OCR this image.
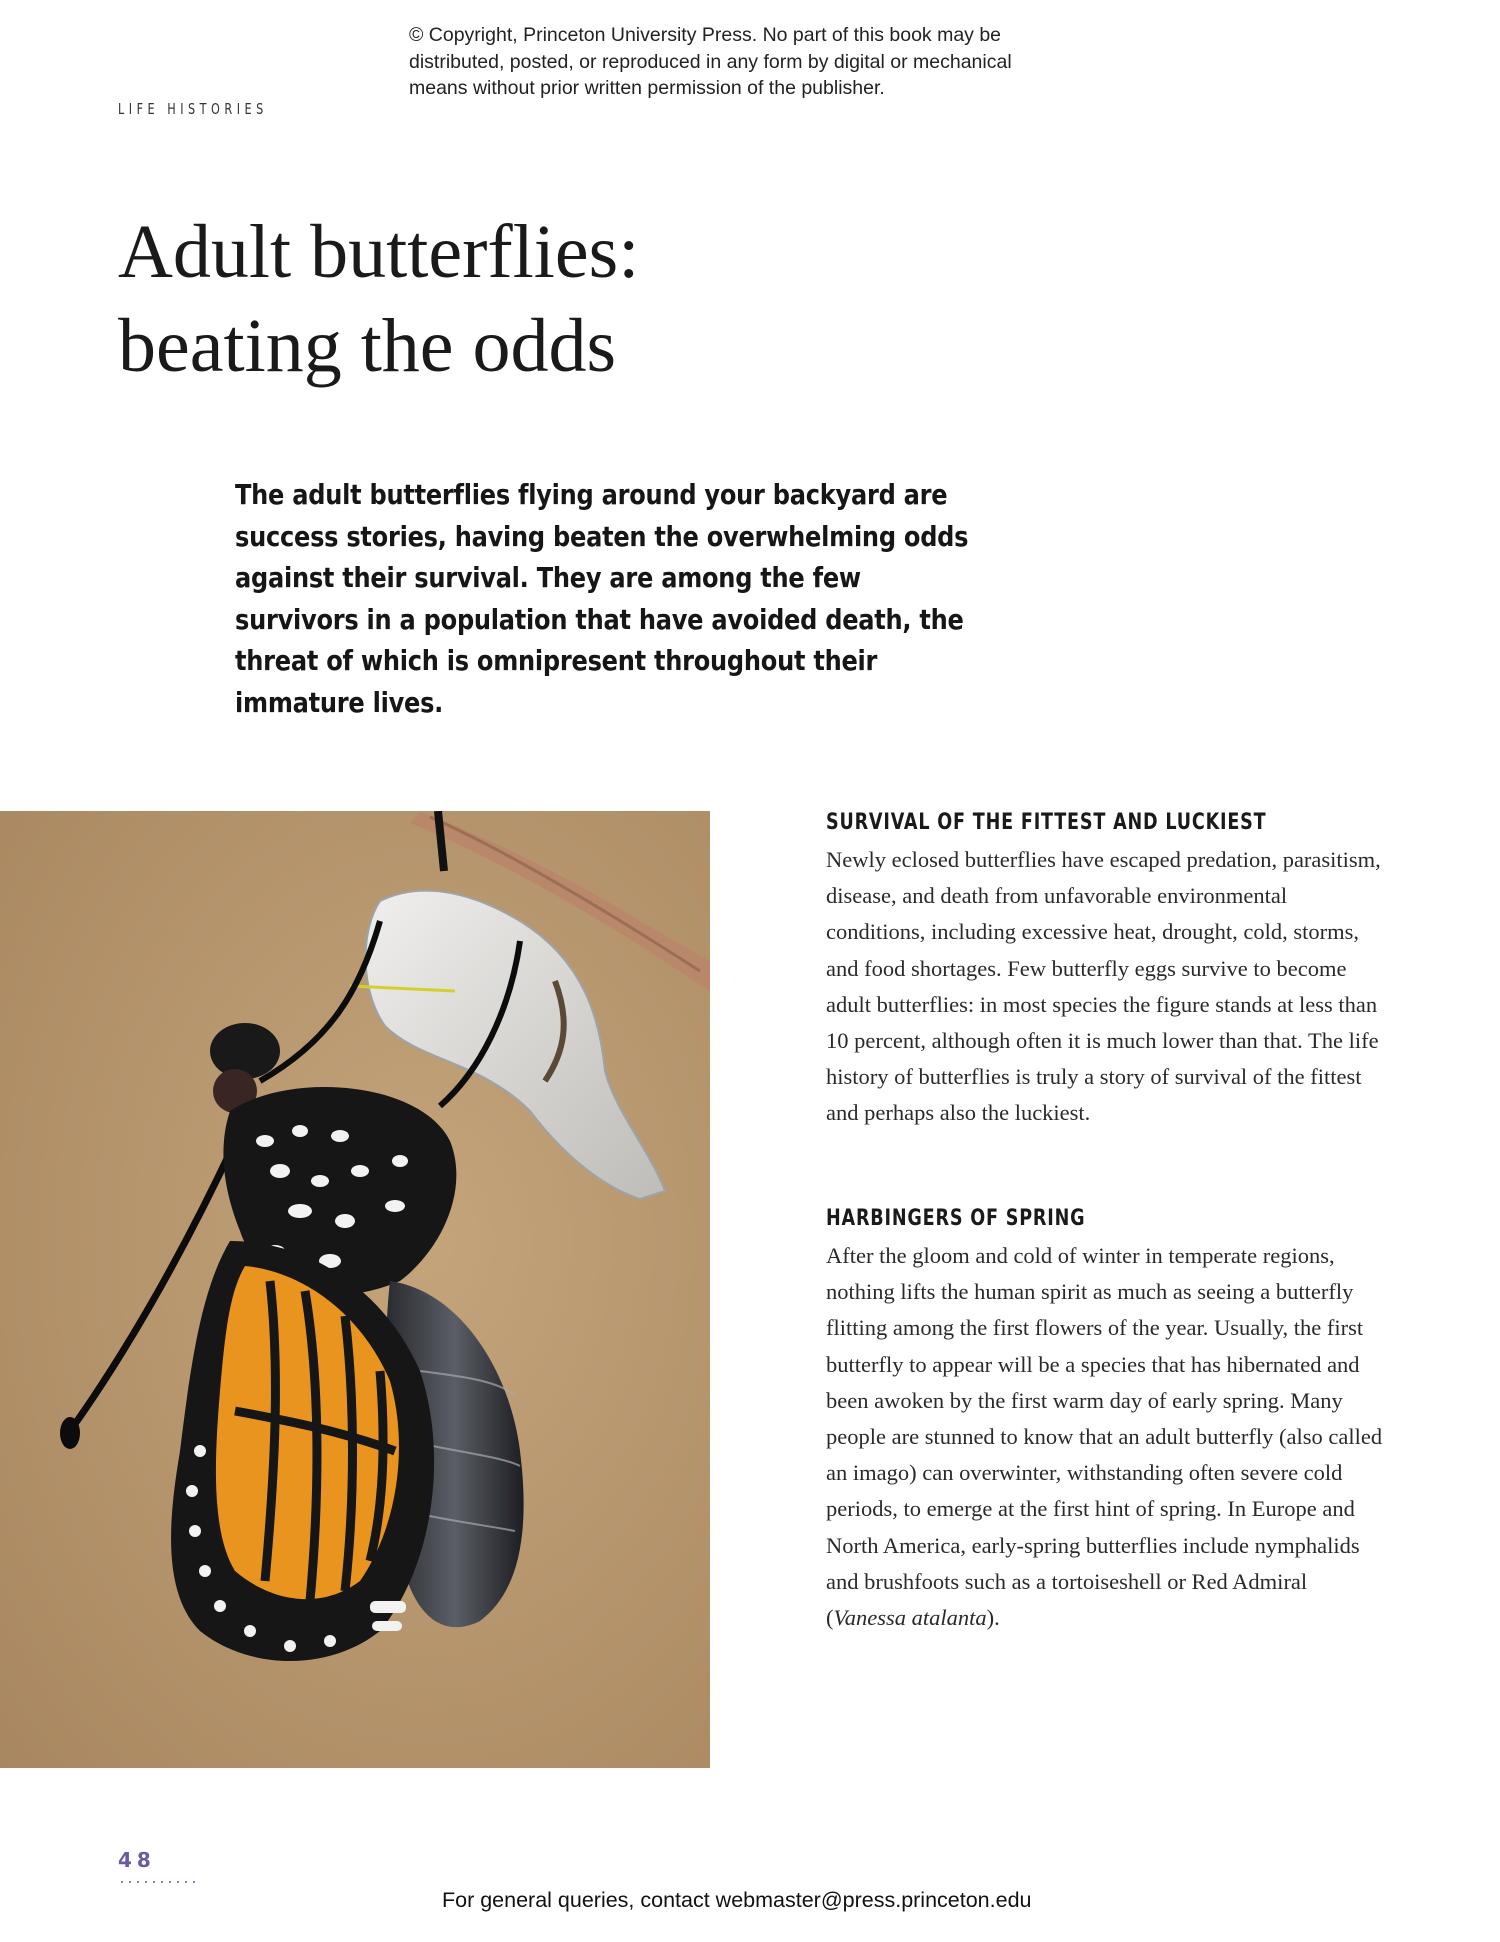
© Copyright, Princeton University Press. No part of this book may be
distributed, posted, or reproduced in any form by digital or mechanical
means without prior written permission of the publisher.
LIFE HISTORIES
Adult butterflies:
beating the odds
The adult butterflies flying around your backyard are success stories, having beaten the overwhelming odds against their survival. They are among the few survivors in a population that have avoided death, the threat of which is omnipresent throughout their immature lives.
SURVIVAL OF THE FITTEST AND LUCKIEST

Newly eclosed butterflies have escaped predation, parasitism, disease, and death from unfavorable environmental conditions, including excessive heat, drought, cold, storms, and food shortages. Few butterfly eggs survive to become adult butterflies: in most species the figure stands at less than 10 percent, although often it is much lower than that. The life history of butterflies is truly a story of survival of the fittest and perhaps also the luckiest.

HARBINGERS OF SPRING

After the gloom and cold of winter in temperate regions, nothing lifts the human spirit as much as seeing a butterfly flitting among the first flowers of the year. Usually, the first butterfly to appear will be a species that has hibernated and been awoken by the first warm day of early spring. Many people are stunned to know that an adult butterfly (also called an imago) can overwinter, withstanding often severe cold periods, to emerge at the first hint of spring. In Europe and North America, early-spring butterflies include nymphalids and brushfoots such as a tortoiseshell or Red Admiral (Vanessa atalanta).

48
For general queries, contact webmaster@press.princeton.edu
